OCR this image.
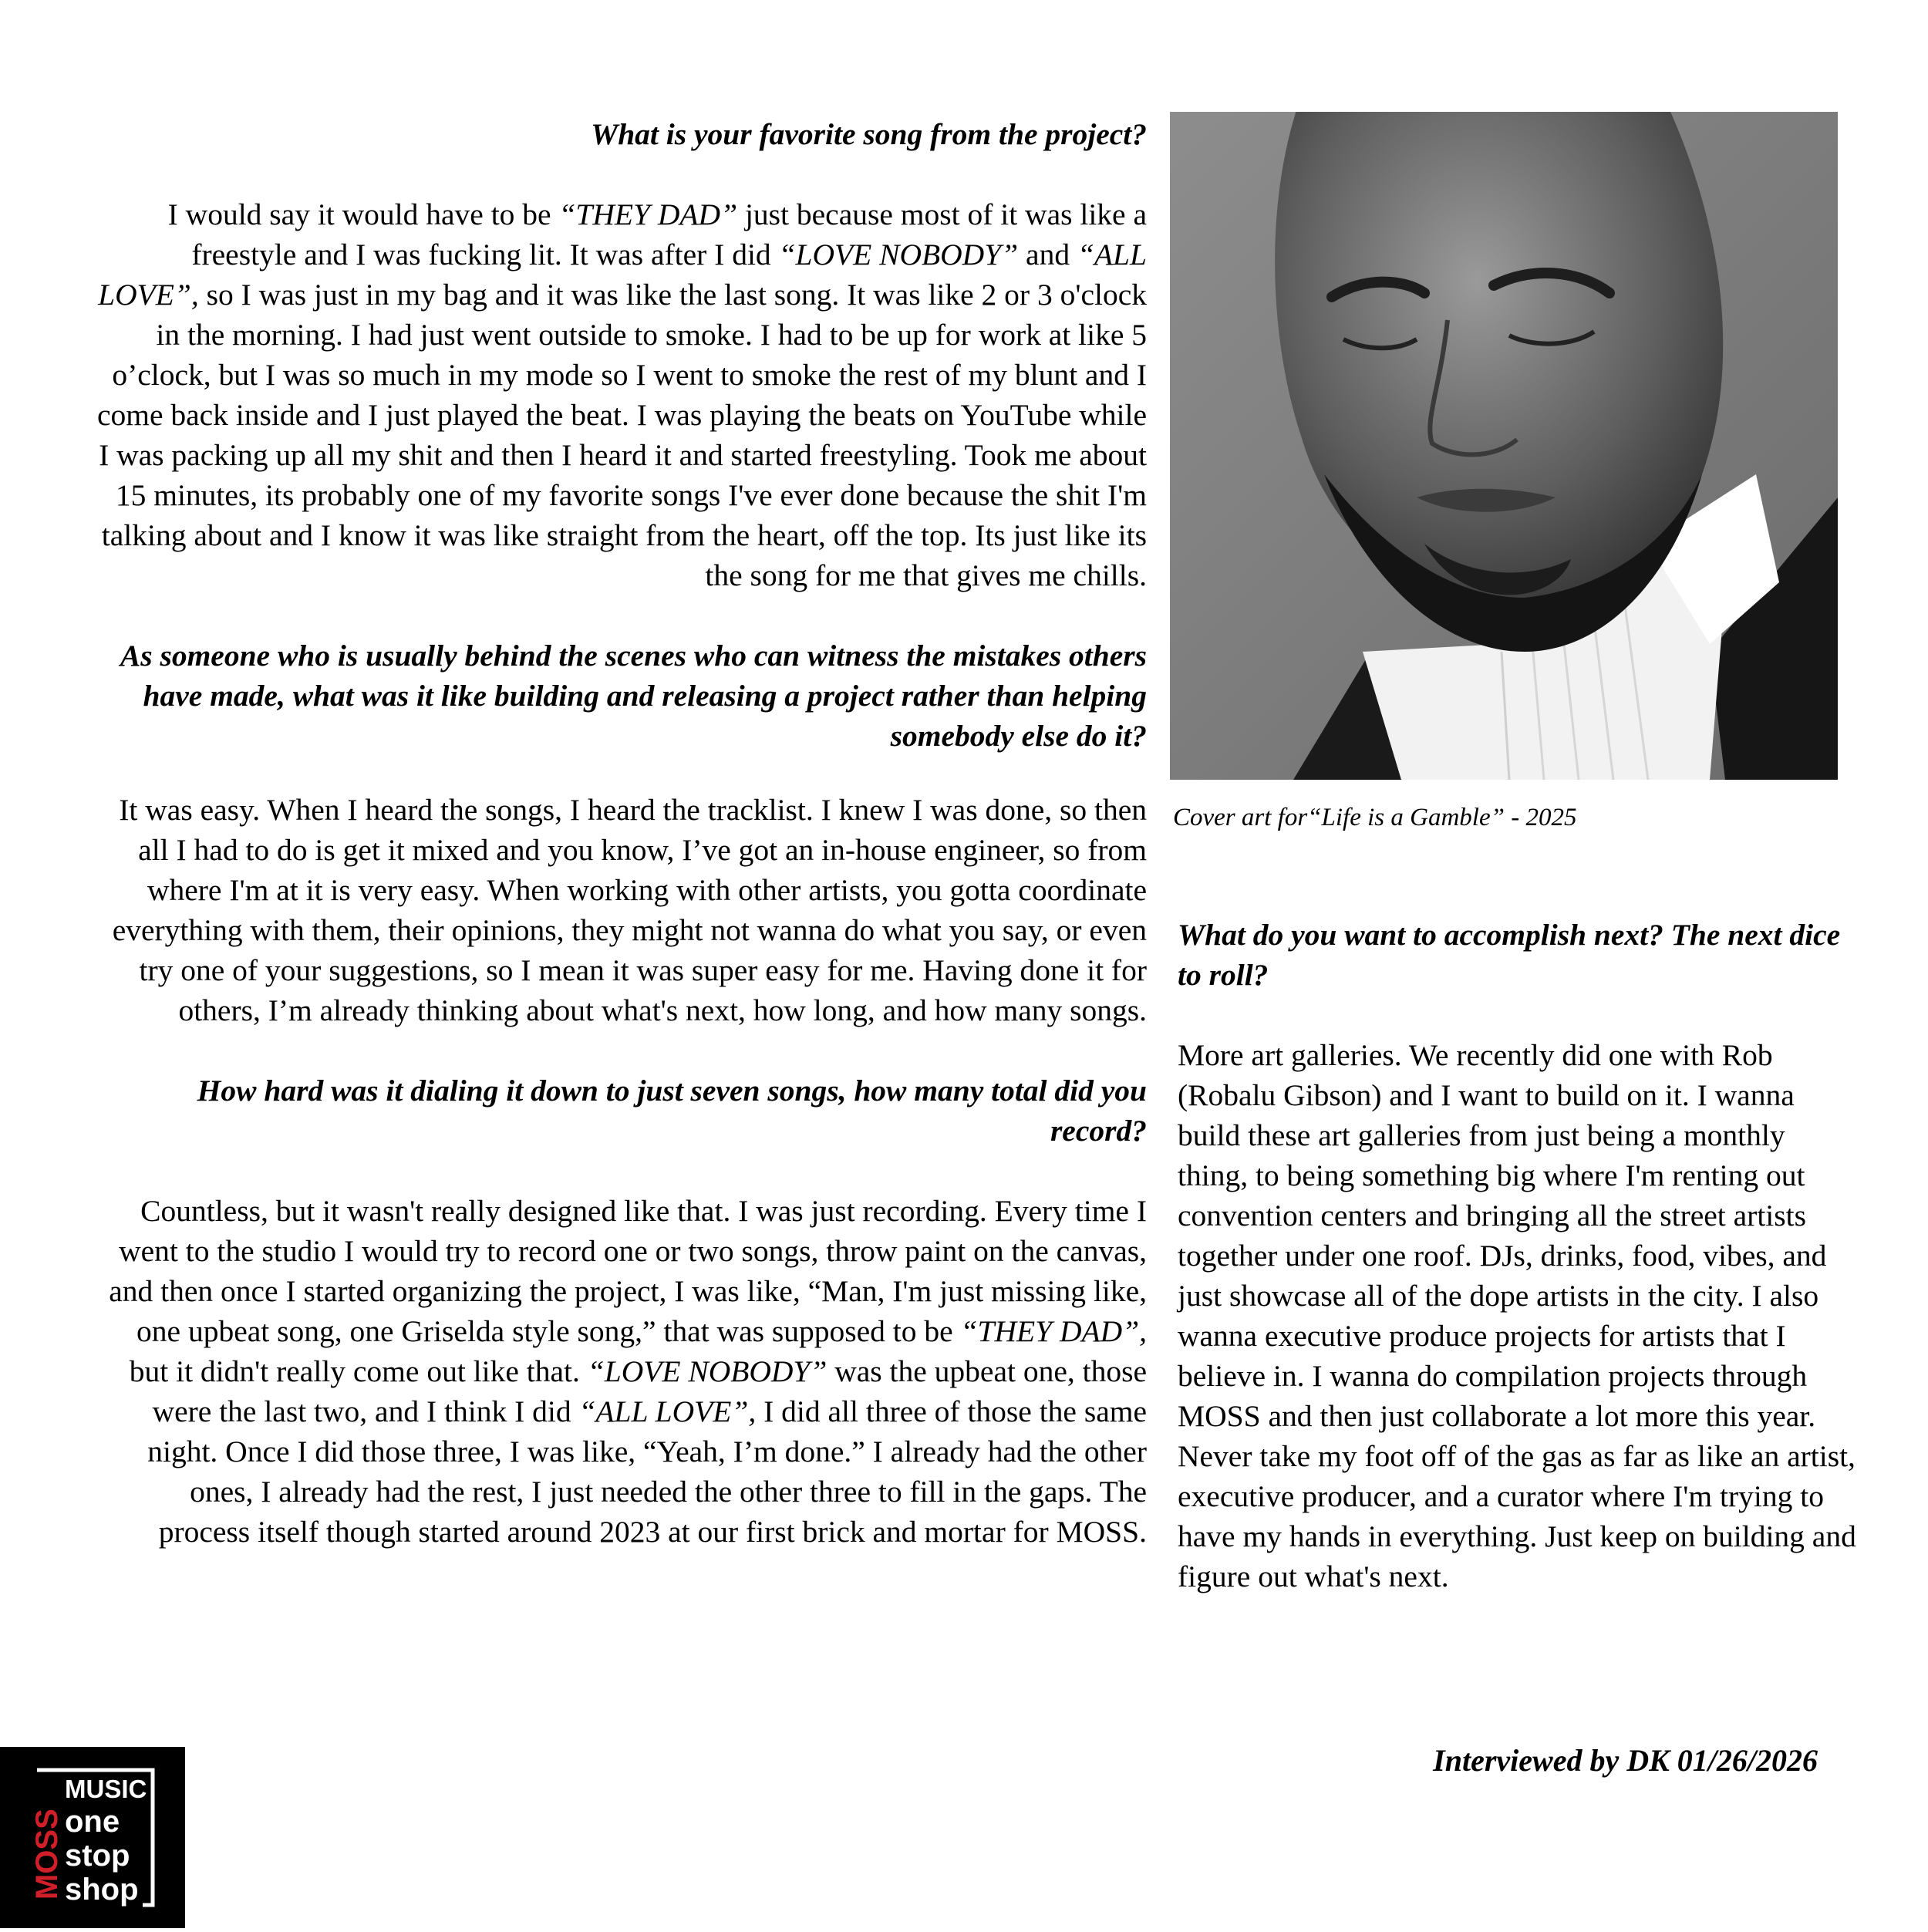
What is your favorite song from the project?

I would say it would have to be “THEY DAD” just because most of it was like a freestyle and I was fucking lit. It was after I did “LOVE NOBODY” and “ALL LOVE”, so I was just in my bag and it was like the last song. It was like 2 or 3 o'clock in the morning. I had just went outside to smoke. I had to be up for work at like 5 o’clock, but I was so much in my mode so I went to smoke the rest of my blunt and I come back inside and I just played the beat. I was playing the beats on YouTube while I was packing up all my shit and then I heard it and started freestyling. Took me about 15 minutes, its probably one of my favorite songs I've ever done because the shit I'm talking about and I know it was like straight from the heart, off the top. Its just like its the song for me that gives me chills.

As someone who is usually behind the scenes who can witness the mistakes others have made, what was it like building and releasing a project rather than helping somebody else do it?

It was easy. When I heard the songs, I heard the tracklist. I knew I was done, so then all I had to do is get it mixed and you know, I’ve got an in-house engineer, so from where I'm at it is very easy. When working with other artists, you gotta coordinate everything with them, their opinions, they might not wanna do what you say, or even try one of your suggestions, so I mean it was super easy for me. Having done it for others, I’m already thinking about what's next, how long, and how many songs.

How hard was it dialing it down to just seven songs, how many total did you record?

Countless, but it wasn't really designed like that. I was just recording. Every time I went to the studio I would try to record one or two songs, throw paint on the canvas, and then once I started organizing the project, I was like, “Man, I'm just missing like, one upbeat song, one Griselda style song,” that was supposed to be “THEY DAD”, but it didn't really come out like that. “LOVE NOBODY” was the upbeat one, those were the last two, and I think I did “ALL LOVE”, I did all three of those the same night. Once I did those three, I was like, “Yeah, I’m done.” I already had the other ones, I already had the rest, I just needed the other three to fill in the gaps. The process itself though started around 2023 at our first brick and mortar for MOSS.

Cover art for“Life is a Gamble” - 2025

What do you want to accomplish next? The next dice to roll?

More art galleries. We recently did one with Rob (Robalu Gibson) and I want to build on it. I wanna build these art galleries from just being a monthly thing, to being something big where I'm renting out convention centers and bringing all the street artists together under one roof. DJs, drinks, food, vibes, and just showcase all of the dope artists in the city. I also wanna executive produce projects for artists that I believe in. I wanna do compilation projects through MOSS and then just collaborate a lot more this year. Never take my foot off of the gas as far as like an artist, executive producer, and a curator where I'm trying to have my hands in everything. Just keep on building and figure out what's next.

Interviewed by DK 01/26/2026
MOSS
MUSIC
one
stop
shop
